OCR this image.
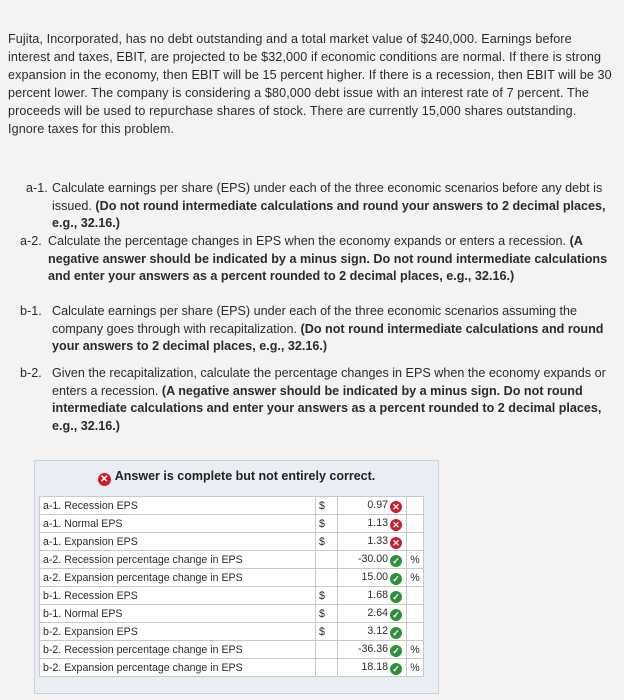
Fujita, Incorporated, has no debt outstanding and a total market value of $240,000. Earnings before interest and taxes, EBIT, are projected to be $32,000 if economic conditions are normal. If there is strong expansion in the economy, then EBIT will be 15 percent higher. If there is a recession, then EBIT will be 30 percent lower. The company is considering a $80,000 debt issue with an interest rate of 7 percent. The proceeds will be used to repurchase shares of stock. There are currently 15,000 shares outstanding. Ignore taxes for this problem.
a-1. Calculate earnings per share (EPS) under each of the three economic scenarios before any debt is issued. (Do not round intermediate calculations and round your answers to 2 decimal places, e.g., 32.16.)
a-2. Calculate the percentage changes in EPS when the economy expands or enters a recession. (A negative answer should be indicated by a minus sign. Do not round intermediate calculations and enter your answers as a percent rounded to 2 decimal places, e.g., 32.16.)
b-1. Calculate earnings per share (EPS) under each of the three economic scenarios assuming the company goes through with recapitalization. (Do not round intermediate calculations and round your answers to 2 decimal places, e.g., 32.16.)
b-2. Given the recapitalization, calculate the percentage changes in EPS when the economy expands or enters a recession. (A negative answer should be indicated by a minus sign. Do not round intermediate calculations and enter your answers as a percent rounded to 2 decimal places, e.g., 32.16.)
✕ Answer is complete but not entirely correct.
a-1. Recession EPS	$	0.97 ✕	
a-1. Normal EPS	$	1.13 ✕	
a-1. Expansion EPS	$	1.33 ✕	
a-2. Recession percentage change in EPS		-30.00 ✓	%
a-2. Expansion percentage change in EPS		15.00 ✓	%
b-1. Recession EPS	$	1.68 ✓	
b-1. Normal EPS	$	2.64 ✓	
b-2. Expansion EPS	$	3.12 ✓	
b-2. Recession percentage change in EPS		-36.36 ✓	%
b-2. Expansion percentage change in EPS		18.18 ✓	%
